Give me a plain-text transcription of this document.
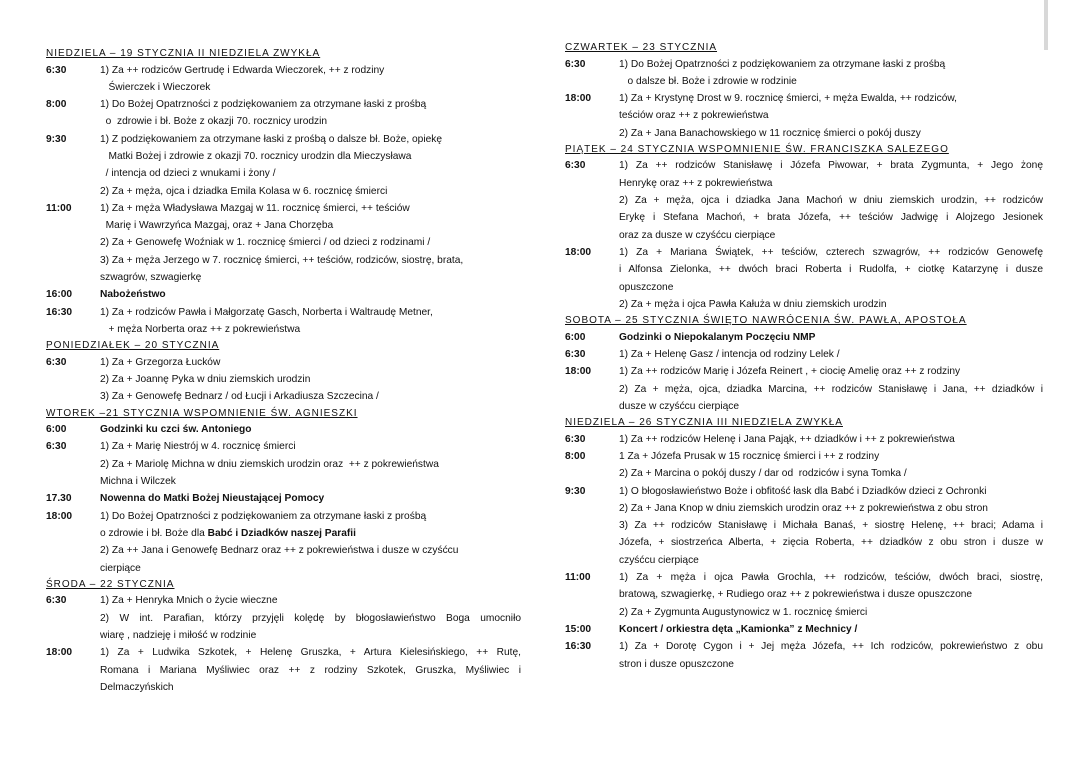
NIEDZIELA – 19 STYCZNIA II NIEDZIELA ZWYKŁA
6:30	1) Za ++ rodziców Gertrudę i Edwarda Wieczorek, ++ z rodziny
Świerczek i Wieczorek
8:00	1) Do Bożej Opatrzności z podziękowaniem za otrzymane łaski z prośbą
o  zdrowie i bł. Boże z okazji 70. rocznicy urodzin
9:30	1) Z podziękowaniem za otrzymane łaski z prośbą o dalsze bł. Boże, opiekę
Matki Bożej i zdrowie z okazji 70. rocznicy urodzin dla Mieczysława
/ intencja od dzieci z wnukami i żony /
2) Za + męża, ojca i dziadka Emila Kolasa w 6. rocznicę śmierci
11:00	1) Za + męża Władysława Mazgaj w 11. rocznicę śmierci, ++ teściów
Marię i Wawrzyńca Mazgaj, oraz + Jana Chorzęba
2) Za + Genowefę Woźniak w 1. rocznicę śmierci / od dzieci z rodzinami /
3) Za + męża Jerzego w 7. rocznicę śmierci, ++ teściów, rodziców, siostrę, brata,
szwagrów, szwagierkę
16:00	Nabożeństwo
16:30	1) Za + rodziców Pawła i Małgorzatę Gasch, Norberta i Waltraudę Metner,
+ męża Norberta oraz ++ z pokrewieństwa
PONIEDZIAŁEK – 20 STYCZNIA
6:30	1) Za + Grzegorza Łucków
2) Za + Joannę Pyka w dniu ziemskich urodzin
3) Za + Genowefę Bednarz / od Łucji i Arkadiusza Szczecina /
WTOREK –21 STYCZNIA WSPOMNIENIE ŚW. AGNIESZKI
6:00	Godzinki ku czci św. Antoniego
6:30	1) Za + Marię Niestrój w 4. rocznicę śmierci
2) Za + Mariolę Michna w dniu ziemskich urodzin oraz  ++ z pokrewieństwa
Michna i Wilczek
17.30	Nowenna do Matki Bożej Nieustającej Pomocy
18:00	1) Do Bożej Opatrzności z podziękowaniem za otrzymane łaski z prośbą
o zdrowie i bł. Boże dla Babć i Dziadków naszej Parafii
2) Za ++ Jana i Genowefę Bednarz oraz ++ z pokrewieństwa i dusze w czyśćcu
cierpiące
ŚRODA – 22 STYCZNIA
6:30	1) Za + Henryka Mnich o życie wieczne
2) W int. Parafian, którzy przyjęli kolędę by błogosławieństwo Boga umocniło
wiarę , nadzieję i miłość w rodzinie
18:00	1) Za + Ludwika Szkotek, + Helenę Gruszka, + Artura Kielesińskiego, ++ Rutę,
Romana i Mariana Myśliwiec oraz ++ z rodziny Szkotek, Gruszka, Myśliwiec i
Delmaczyńskich
CZWARTEK – 23 STYCZNIA
6:30	1) Do Bożej Opatrzności z podziękowaniem za otrzymane łaski z prośbą
o dalsze bł. Boże i zdrowie w rodzinie
18:00	1) Za + Krystynę Drost w 9. rocznicę śmierci, + męża Ewalda, ++ rodziców,
teściów oraz ++ z pokrewieństwa
2) Za + Jana Banachowskiego w 11 rocznicę śmierci o pokój duszy
PIĄTEK – 24 STYCZNIA WSPOMNIENIE ŚW. FRANCISZKA SALEZEGO
6:30	1) Za ++ rodziców Stanisławę i Józefa Piwowar, + brata Zygmunta, + Jego żonę
Henrykę oraz ++ z pokrewieństwa
2) Za + męża, ojca i dziadka Jana Machoń w dniu ziemskich urodzin, ++ rodziców
Erykę i Stefana Machoń, + brata Józefa, ++ teściów Jadwigę i Alojzego Jesionek
oraz za dusze w czyśćcu cierpiące
18:00	1) Za + Mariana Świątek, ++ teściów, czterech szwagrów, ++ rodziców Genowefę
i Alfonsa Zielonka, ++ dwóch braci Roberta i Rudolfa, + ciotkę Katarzynę i dusze
opuszczone
2) Za + męża i ojca Pawła Kałuża w dniu ziemskich urodzin
SOBOTA – 25 STYCZNIA ŚWIĘTO NAWRÓCENIA ŚW. PAWŁA, APOSTOŁA
6:00	Godzinki o Niepokalanym Poczęciu NMP
6:30	1) Za + Helenę Gasz / intencja od rodziny Lelek /
18:00	1) Za ++ rodziców Marię i Józefa Reinert , + ciocię Amelię oraz ++ z rodziny
2) Za + męża, ojca, dziadka Marcina, ++ rodziców Stanisławę i Jana, ++ dziadków i
dusze w czyśćcu cierpiące
NIEDZIELA – 26 STYCZNIA III NIEDZIELA ZWYKŁA
6:30	1) Za ++ rodziców Helenę i Jana Pająk, ++ dziadków i ++ z pokrewieństwa
8:00	1 Za + Józefa Prusak w 15 rocznicę śmierci i ++ z rodziny
2) Za + Marcina o pokój duszy / dar od  rodziców i syna Tomka /
9:30	1) O błogosławieństwo Boże i obfitość łask dla Babć i Dziadków dzieci z Ochronki
2) Za + Jana Knop w dniu ziemskich urodzin oraz ++ z pokrewieństwa z obu stron
3) Za ++ rodziców Stanisławę i Michała Banaś, + siostrę Helenę, ++ braci; Adama i
Józefa, + siostrzeńca Alberta, + zięcia Roberta, ++ dziadków z obu stron i dusze w
czyśćcu cierpiące
11:00	1) Za + męża i ojca Pawła Grochla, ++ rodziców, teściów, dwóch braci, siostrę,
bratową, szwagierkę, + Rudiego oraz ++ z pokrewieństwa i dusze opuszczone
2) Za + Zygmunta Augustynowicz w 1. rocznicę śmierci
15:00	Koncert / orkiestra dęta „Kamionka” z Mechnicy /
16:30	1) Za + Dorotę Cygon i + Jej męża Józefa, ++ Ich rodziców, pokrewieństwo z obu
stron i dusze opuszczone
